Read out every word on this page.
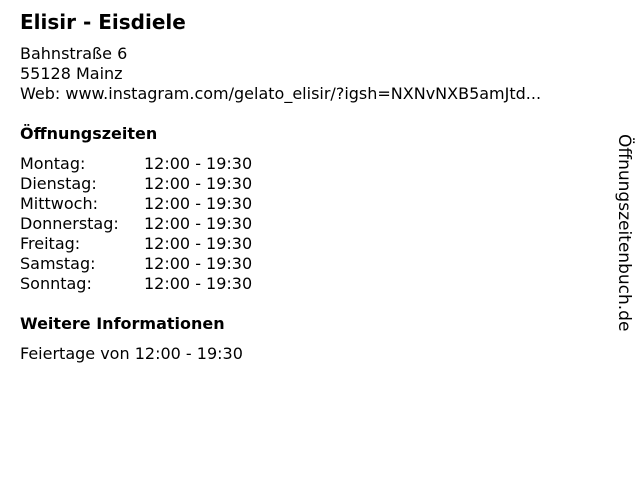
Elisir - Eisdiele
Bahnstraße 6
55128 Mainz
Web: www.instagram.com/gelato_elisir/?igsh=NXNvNXB5amJtd...
Öffnungszeiten
Montag:	12:00 - 19:30
Dienstag:	12:00 - 19:30
Mittwoch:	12:00 - 19:30
Donnerstag:	12:00 - 19:30
Freitag:	12:00 - 19:30
Samstag:	12:00 - 19:30
Sonntag:	12:00 - 19:30
Weitere Informationen
Feiertage von 12:00 - 19:30
Öffnungszeitenbuch.de
